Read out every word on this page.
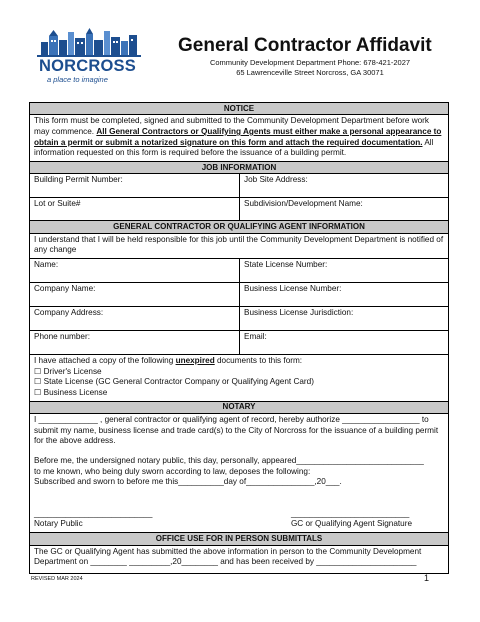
NORCROSS
a place to imagine
General Contractor Affidavit
Community Development Department Phone: 678-421-2027
65 Lawrenceville Street Norcross, GA 30071
NOTICE
This form must be completed, signed and submitted to the Community Development Department before work may commence. All General Contractors or Qualifying Agents must either make a personal appearance to obtain a permit or submit a notarized signature on this form and attach the required documentation. All information requested on this form is required before the issuance of a building permit.
JOB INFORMATION
Building Permit Number:	Job Site Address:
Lot or Suite#	Subdivision/Development Name:
GENERAL CONTRACTOR OR QUALIFYING AGENT INFORMATION
I understand that I will be held responsible for this job until the Community Development Department is notified of any change
Name:	State License Number:
Company Name:	Business License Number:
Company Address:	Business License Jurisdiction:
Phone number:	Email:
I have attached a copy of the following unexpired documents to this form:
☐ Driver's License
☐ State License (GC General Contractor Company or Qualifying Agent Card)
☐ Business License
NOTARY

I _____________ , general contractor or qualifying agent of record, hereby authorize _________________ to submit my name, business license and trade card(s) to the City of Norcross for the issuance of a building permit for the above address.

Before me, the undersigned notary public, this day, personally, appeared____________________________

to me known, who being duly sworn according to law, deposes the following:

Subscribed and sworn to before me this__________day of_______________,20___.

__________________________
Notary Public
__________________________
GC or Qualifying Agent Signature
OFFICE USE FOR IN PERSON SUBMITTALS
The GC or Qualifying Agent has submitted the above information in person to the Community Development Department on ________ _________,20________ and has been received by ______________________
REVISED MAR 2024	1
